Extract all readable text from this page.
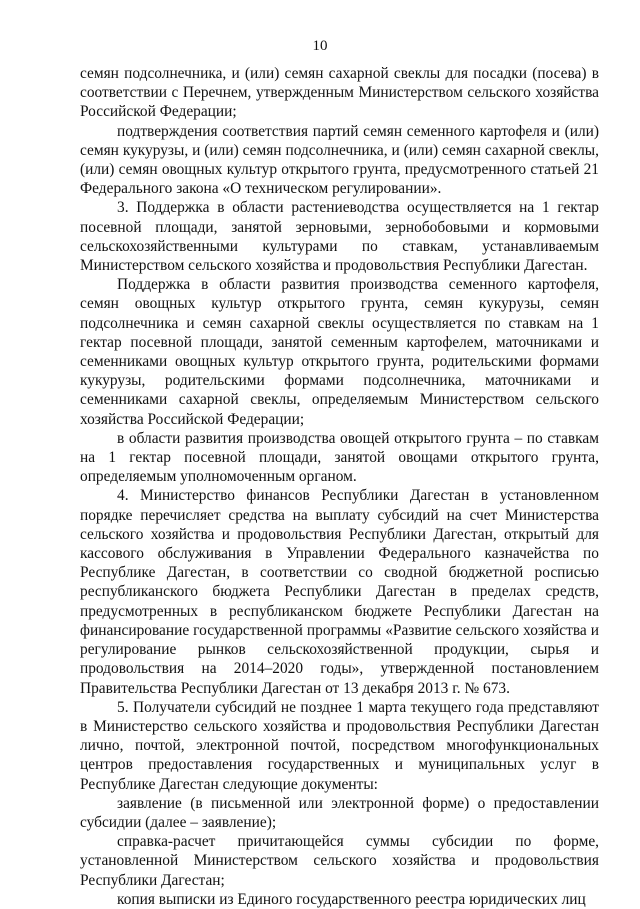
10

семян подсолнечника, и (или) семян сахарной свеклы для посадки (посева) в соответствии с Перечнем, утвержденным Министерством сельского хозяйства Российской Федерации;

подтверждения соответствия партий семян семенного картофеля и (или) семян кукурузы, и (или) семян подсолнечника, и (или) семян сахарной свеклы, (или) семян овощных культур открытого грунта, предусмотренного статьей 21 Федерального закона «О техническом регулировании».

3. Поддержка в области растениеводства осуществляется на 1 гектар посевной площади, занятой зерновыми, зернобобовыми и кормовыми сельскохозяйственными культурами по ставкам, устанавливаемым Министерством сельского хозяйства и продовольствия Республики Дагестан.

Поддержка в области развития производства семенного картофеля, семян овощных культур открытого грунта, семян кукурузы, семян подсолнечника и семян сахарной свеклы осуществляется по ставкам на 1 гектар посевной площади, занятой семенным картофелем, маточниками и семенниками овощных культур открытого грунта, родительскими формами кукурузы, родительскими формами подсолнечника, маточниками и семенниками сахарной свеклы, определяемым Министерством сельского хозяйства Российской Федерации;

в области развития производства овощей открытого грунта – по ставкам на 1 гектар посевной площади, занятой овощами открытого грунта, определяемым уполномоченным органом.

4. Министерство финансов Республики Дагестан в установленном порядке перечисляет средства на выплату субсидий на счет Министерства сельского хозяйства и продовольствия Республики Дагестан, открытый для кассового обслуживания в Управлении Федерального казначейства по Республике Дагестан, в соответствии со сводной бюджетной росписью республиканского бюджета Республики Дагестан в пределах средств, предусмотренных в республиканском бюджете Республики Дагестан на финансирование государственной программы «Развитие сельского хозяйства и регулирование рынков сельскохозяйственной продукции, сырья и продовольствия на 2014–2020 годы», утвержденной постановлением Правительства Республики Дагестан от 13 декабря 2013 г. № 673.

5. Получатели субсидий не позднее 1 марта текущего года представляют в Министерство сельского хозяйства и продовольствия Республики Дагестан лично, почтой, электронной почтой, посредством многофункциональных центров предоставления государственных и муниципальных услуг в Республике Дагестан следующие документы:

заявление (в письменной или электронной форме) о предоставлении субсидии (далее – заявление);

справка-расчет причитающейся суммы субсидии по форме, установленной Министерством сельского хозяйства и продовольствия Республики Дагестан;

копия выписки из Единого государственного реестра юридических лиц
